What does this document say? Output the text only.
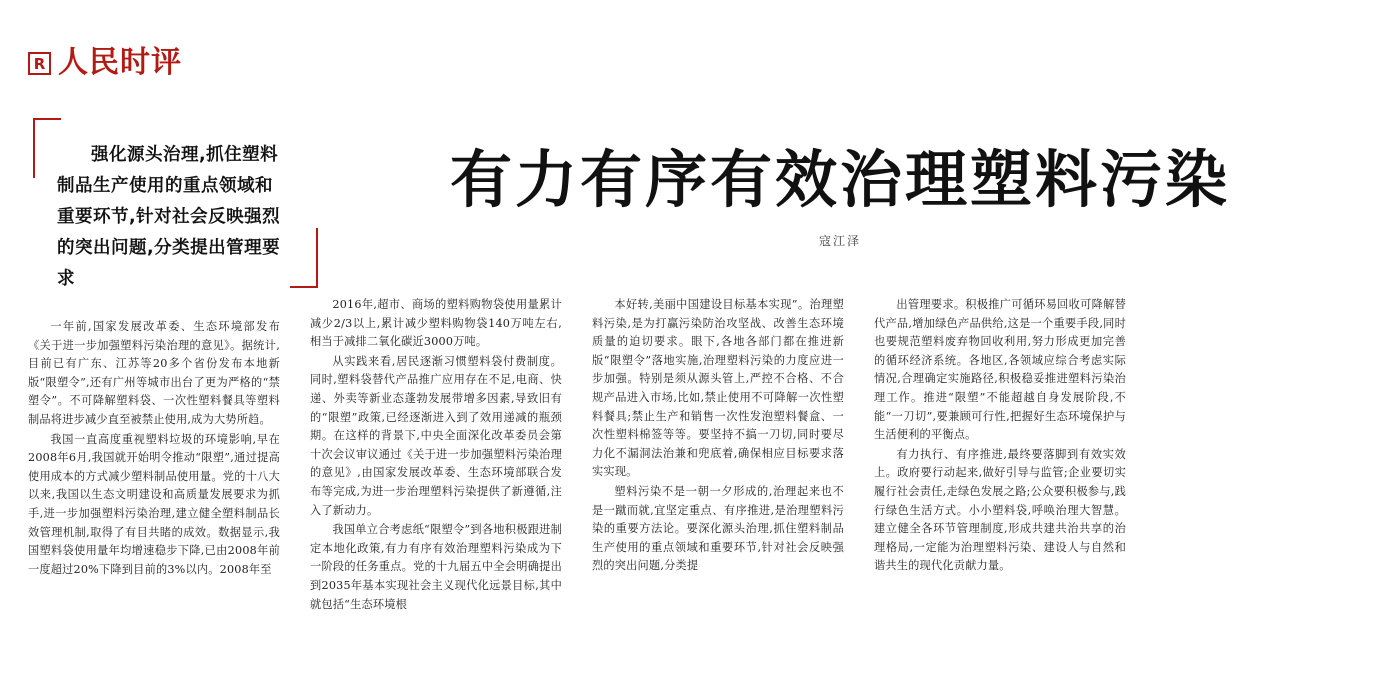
R 人民时评
有力有序有效治理塑料污染
寇江泽
强化源头治理,抓住塑料制品生产使用的重点领域和重要环节,针对社会反映强烈的突出问题,分类提出管理要求

一年前,国家发展改革委、生态环境部发布《关于进一步加强塑料污染治理的意见》。据统计,目前已有广东、江苏等20多个省份发布本地新版“限塑令”,还有广州等城市出台了更为严格的“禁塑令”。不可降解塑料袋、一次性塑料餐具等塑料制品将进步减少直至被禁止使用,成为大势所趋。

我国一直高度重视塑料垃圾的环境影响,早在2008年6月,我国就开始明令推动“限塑”,通过提高使用成本的方式减少塑料制品使用量。党的十八大以来,我国以生态文明建设和高质量发展要求为抓手,进一步加强塑料污染治理,建立健全塑料制品长效管理机制,取得了有目共睹的成效。数据显示,我国塑料袋使用量年均增速稳步下降,已由2008年前一度超过20%下降到目前的3%以内。2008年至

2016年,超市、商场的塑料购物袋使用量累计减少2/3以上,累计减少塑料购物袋140万吨左右,相当于减排二氧化碳近3000万吨。

从实践来看,居民逐渐习惯塑料袋付费制度。同时,塑料袋替代产品推广应用存在不足,电商、快递、外卖等新业态蓬勃发展带增多因素,导致旧有的“限塑”政策,已经逐渐进入到了效用递减的瓶颈期。在这样的背景下,中央全面深化改革委员会第十次会议审议通过《关于进一步加强塑料污染治理的意见》,由国家发展改革委、生态环境部联合发布等完成,为进一步治理塑料污染提供了新遵循,注入了新动力。

我国单立合考虑纸“限塑令”到各地积极跟进制定本地化政策,有力有序有效治理塑料污染成为下一阶段的任务重点。党的十九届五中全会明确提出到2035年基本实现社会主义现代化远景目标,其中就包括“生态环境根

本好转,美丽中国建设目标基本实现”。治理塑料污染,是为打赢污染防治攻坚战、改善生态环境质量的迫切要求。眼下,各地各部门都在推进新版“限塑令”落地实施,治理塑料污染的力度应进一步加强。特别是须从源头管上,严控不合格、不合规产品进入市场,比如,禁止使用不可降解一次性塑料餐具;禁止生产和销售一次性发泡塑料餐盒、一次性塑料棉签等等。要坚持不搞一刀切,同时要尽力化不漏洞法治兼和兜底着,确保相应目标要求落实实现。

塑料污染不是一朝一夕形成的,治理起来也不是一蹴而就,宜坚定重点、有序推进,是治理塑料污染的重要方法论。要深化源头治理,抓住塑料制品生产使用的重点领域和重要环节,针对社会反映强烈的突出问题,分类提

出管理要求。积极推广可循环易回收可降解替代产品,增加绿色产品供给,这是一个重要手段,同时也要规范塑料废弃物回收利用,努力形成更加完善的循环经济系统。各地区,各领域应综合考虑实际情况,合理确定实施路径,积极稳妥推进塑料污染治理工作。推进“限塑”不能超越自身发展阶段,不能“一刀切”,要兼顾可行性,把握好生态环境保护与生活便利的平衡点。

有力执行、有序推进,最终要落脚到有效实效上。政府要行动起来,做好引导与监管;企业要切实履行社会责任,走绿色发展之路;公众要积极参与,践行绿色生活方式。小小塑料袋,呼唤治理大智慧。建立健全各环节管理制度,形成共建共治共享的治理格局,一定能为治理塑料污染、建设人与自然和谐共生的现代化贡献力量。
